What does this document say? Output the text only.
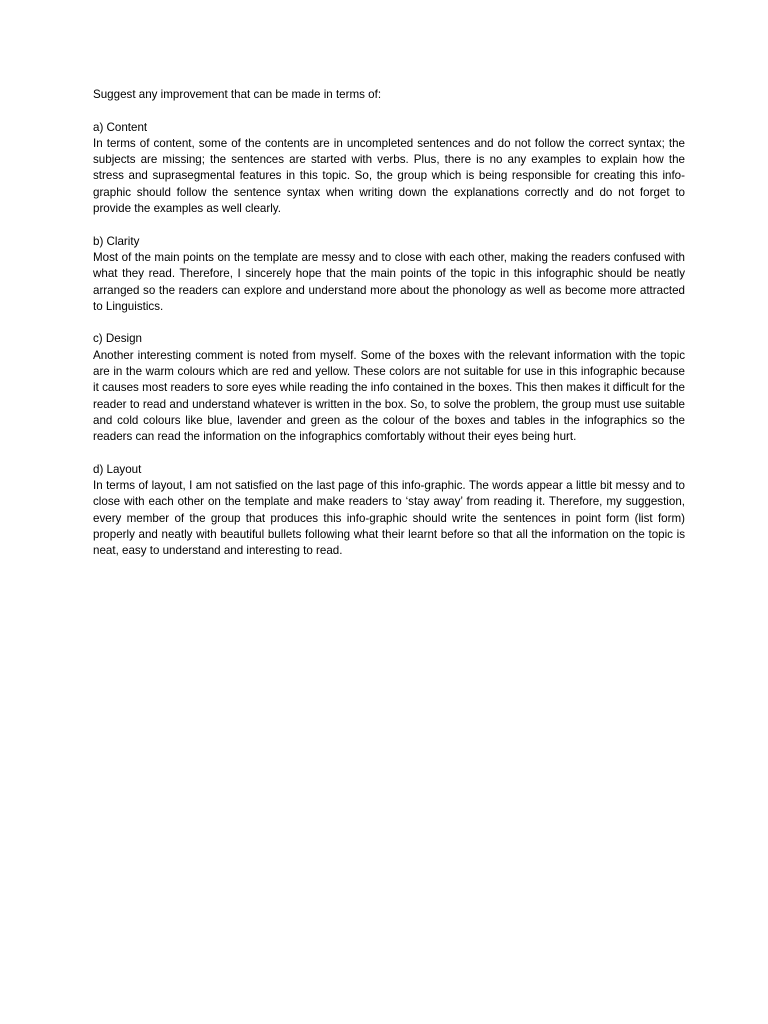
Suggest any improvement that can be made in terms of:

a) Content

In terms of content, some of the contents are in uncompleted sentences and do not follow the correct syntax; the subjects are missing; the sentences are started with verbs. Plus, there is no any examples to explain how the stress and suprasegmental features in this topic. So, the group which is being responsible for creating this info-graphic should follow the sentence syntax when writing down the explanations correctly and do not forget to provide the examples as well clearly.

b) Clarity

Most of the main points on the template are messy and to close with each other, making the readers confused with what they read. Therefore, I sincerely hope that the main points of the topic in this infographic should be neatly arranged so the readers can explore and understand more about the phonology as well as become more attracted to Linguistics.

c) Design

Another interesting comment is noted from myself. Some of the boxes with the relevant information with the topic are in the warm colours which are red and yellow. These colors are not suitable for use in this infographic because it causes most readers to sore eyes while reading the info contained in the boxes. This then makes it difficult for the reader to read and understand whatever is written in the box. So, to solve the problem, the group must use suitable and cold colours like blue, lavender and green as the colour of the boxes and tables in the infographics so the readers can read the information on the infographics comfortably without their eyes being hurt.

d) Layout

In terms of layout, I am not satisfied on the last page of this info-graphic. The words appear a little bit messy and to close with each other on the template and make readers to ‘stay away’ from reading it. Therefore, my suggestion, every member of the group that produces this info-graphic should write the sentences in point form (list form) properly and neatly with beautiful bullets following what their learnt before so that all the information on the topic is neat, easy to understand and interesting to read.
